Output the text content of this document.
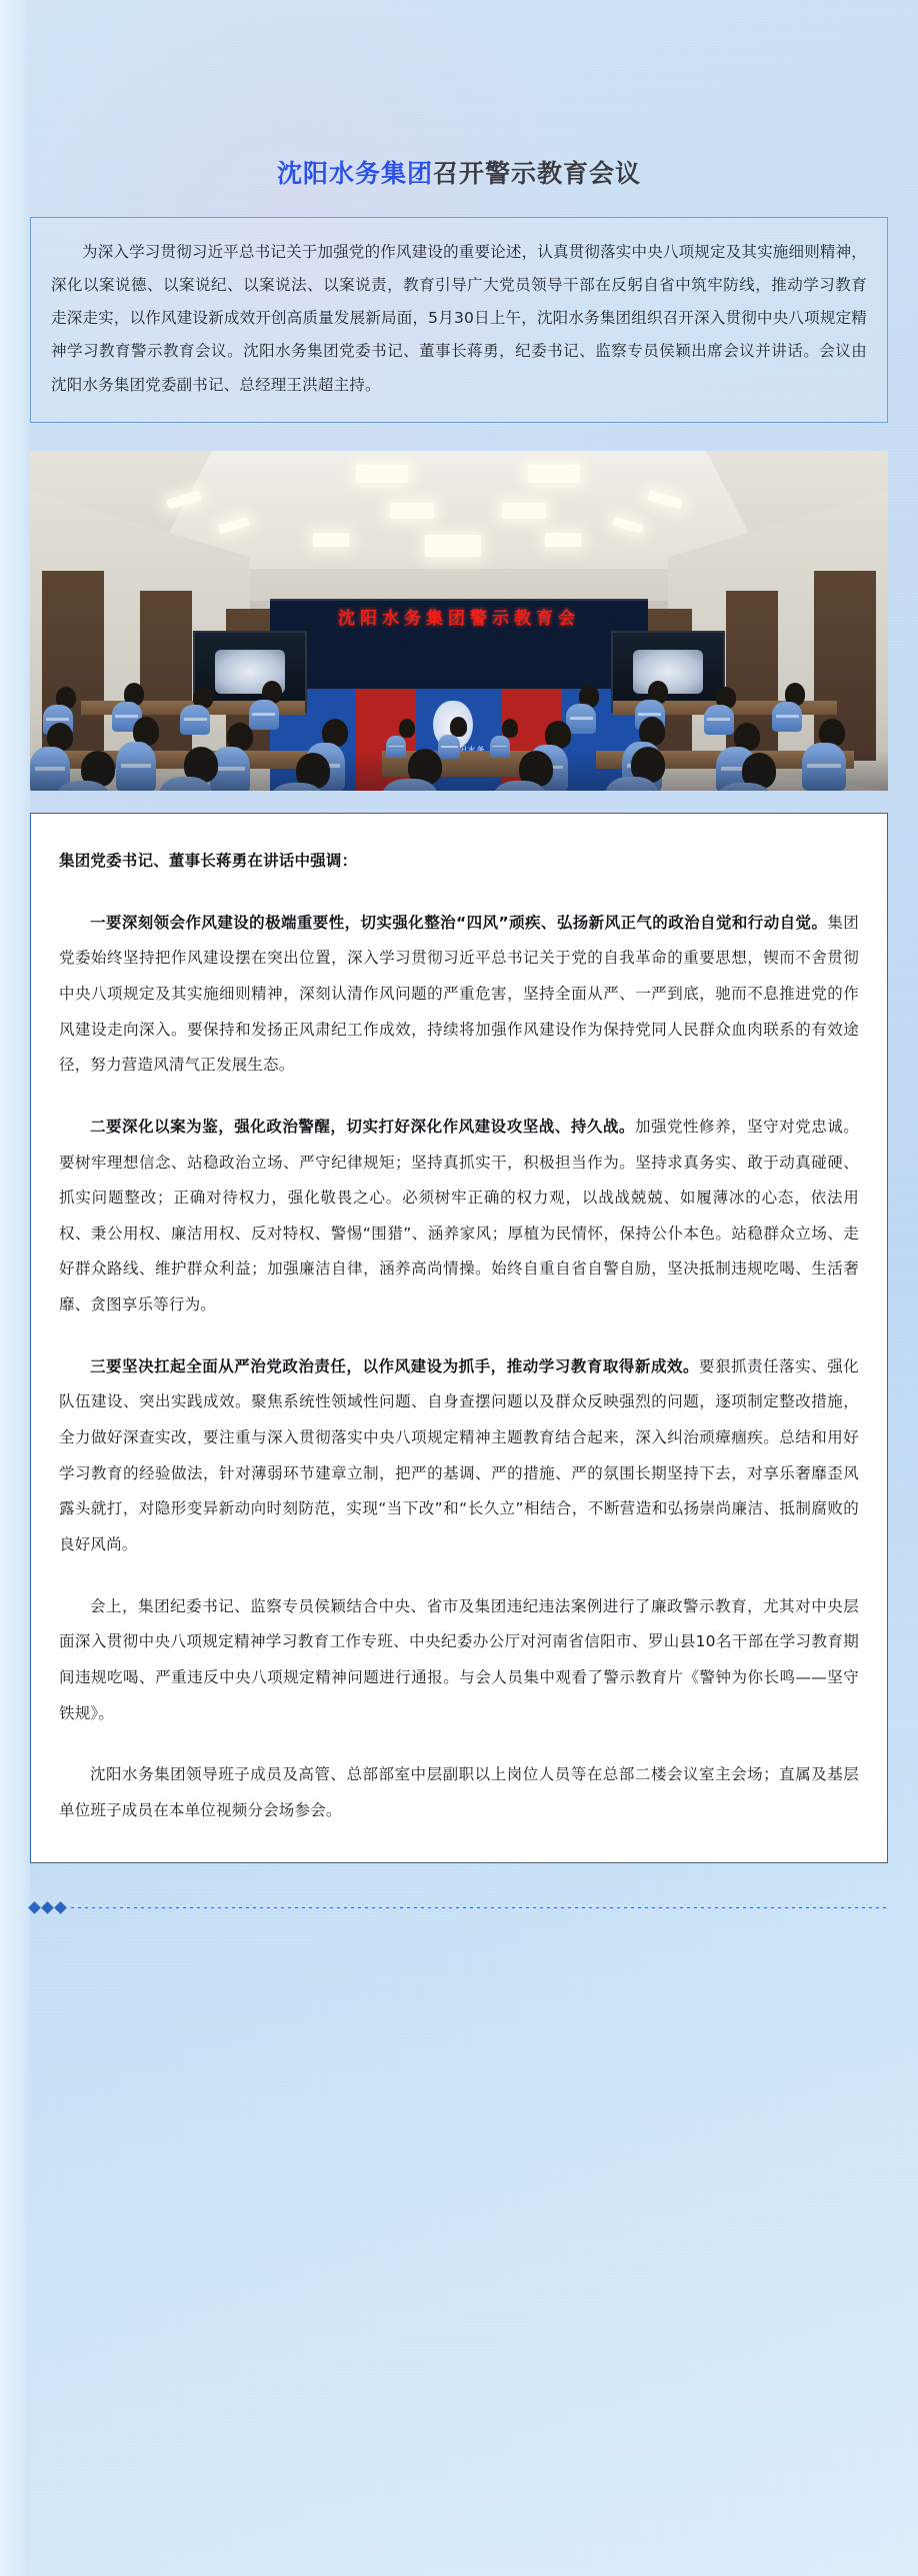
沈阳水务集团召开警示教育会议

为深入学习贯彻习近平总书记关于加强党的作风建设的重要论述，认真贯彻落实中央八项规定及其实施细则精神，深化以案说德、以案说纪、以案说法、以案说责，教育引导广大党员领导干部在反躬自省中筑牢防线，推动学习教育走深走实，以作风建设新成效开创高质量发展新局面，5月30日上午，沈阳水务集团组织召开深入贯彻中央八项规定精神学习教育警示教育会议。沈阳水务集团党委书记、董事长蒋勇，纪委书记、监察专员侯颖出席会议并讲话。会议由沈阳水务集团党委副书记、总经理王洪超主持。

沈阳水务集团警示教育会

集团党委书记、董事长蒋勇在讲话中强调：

一要深刻领会作风建设的极端重要性，切实强化整治“四风”顽疾、弘扬新风正气的政治自觉和行动自觉。集团党委始终坚持把作风建设摆在突出位置，深入学习贯彻习近平总书记关于党的自我革命的重要思想，锲而不舍贯彻中央八项规定及其实施细则精神，深刻认清作风问题的严重危害，坚持全面从严、一严到底，驰而不息推进党的作风建设走向深入。要保持和发扬正风肃纪工作成效，持续将加强作风建设作为保持党同人民群众血肉联系的有效途径，努力营造风清气正发展生态。

二要深化以案为鉴，强化政治警醒，切实打好深化作风建设攻坚战、持久战。加强党性修养，坚守对党忠诚。要树牢理想信念、站稳政治立场、严守纪律规矩；坚持真抓实干，积极担当作为。坚持求真务实、敢于动真碰硬、抓实问题整改；正确对待权力，强化敬畏之心。必须树牢正确的权力观，以战战兢兢、如履薄冰的心态，依法用权、秉公用权、廉洁用权、反对特权、警惕“围猎”、涵养家风；厚植为民情怀，保持公仆本色。站稳群众立场、走好群众路线、维护群众利益；加强廉洁自律，涵养高尚情操。始终自重自省自警自励，坚决抵制违规吃喝、生活奢靡、贪图享乐等行为。

三要坚决扛起全面从严治党政治责任，以作风建设为抓手，推动学习教育取得新成效。要狠抓责任落实、强化队伍建设、突出实践成效。聚焦系统性领域性问题、自身查摆问题以及群众反映强烈的问题，逐项制定整改措施，全力做好深查实改，要注重与深入贯彻落实中央八项规定精神主题教育结合起来，深入纠治顽瘴痼疾。总结和用好学习教育的经验做法，针对薄弱环节建章立制，把严的基调、严的措施、严的氛围长期坚持下去，对享乐奢靡歪风露头就打，对隐形变异新动向时刻防范，实现“当下改”和“长久立”相结合，不断营造和弘扬崇尚廉洁、抵制腐败的良好风尚。

会上，集团纪委书记、监察专员侯颖结合中央、省市及集团违纪违法案例进行了廉政警示教育，尤其对中央层面深入贯彻中央八项规定精神学习教育工作专班、中央纪委办公厅对河南省信阳市、罗山县10名干部在学习教育期间违规吃喝、严重违反中央八项规定精神问题进行通报。与会人员集中观看了警示教育片《警钟为你长鸣——坚守铁规》。

沈阳水务集团领导班子成员及高管、总部部室中层副职以上岗位人员等在总部二楼会议室主会场；直属及基层单位班子成员在本单位视频分会场参会。
